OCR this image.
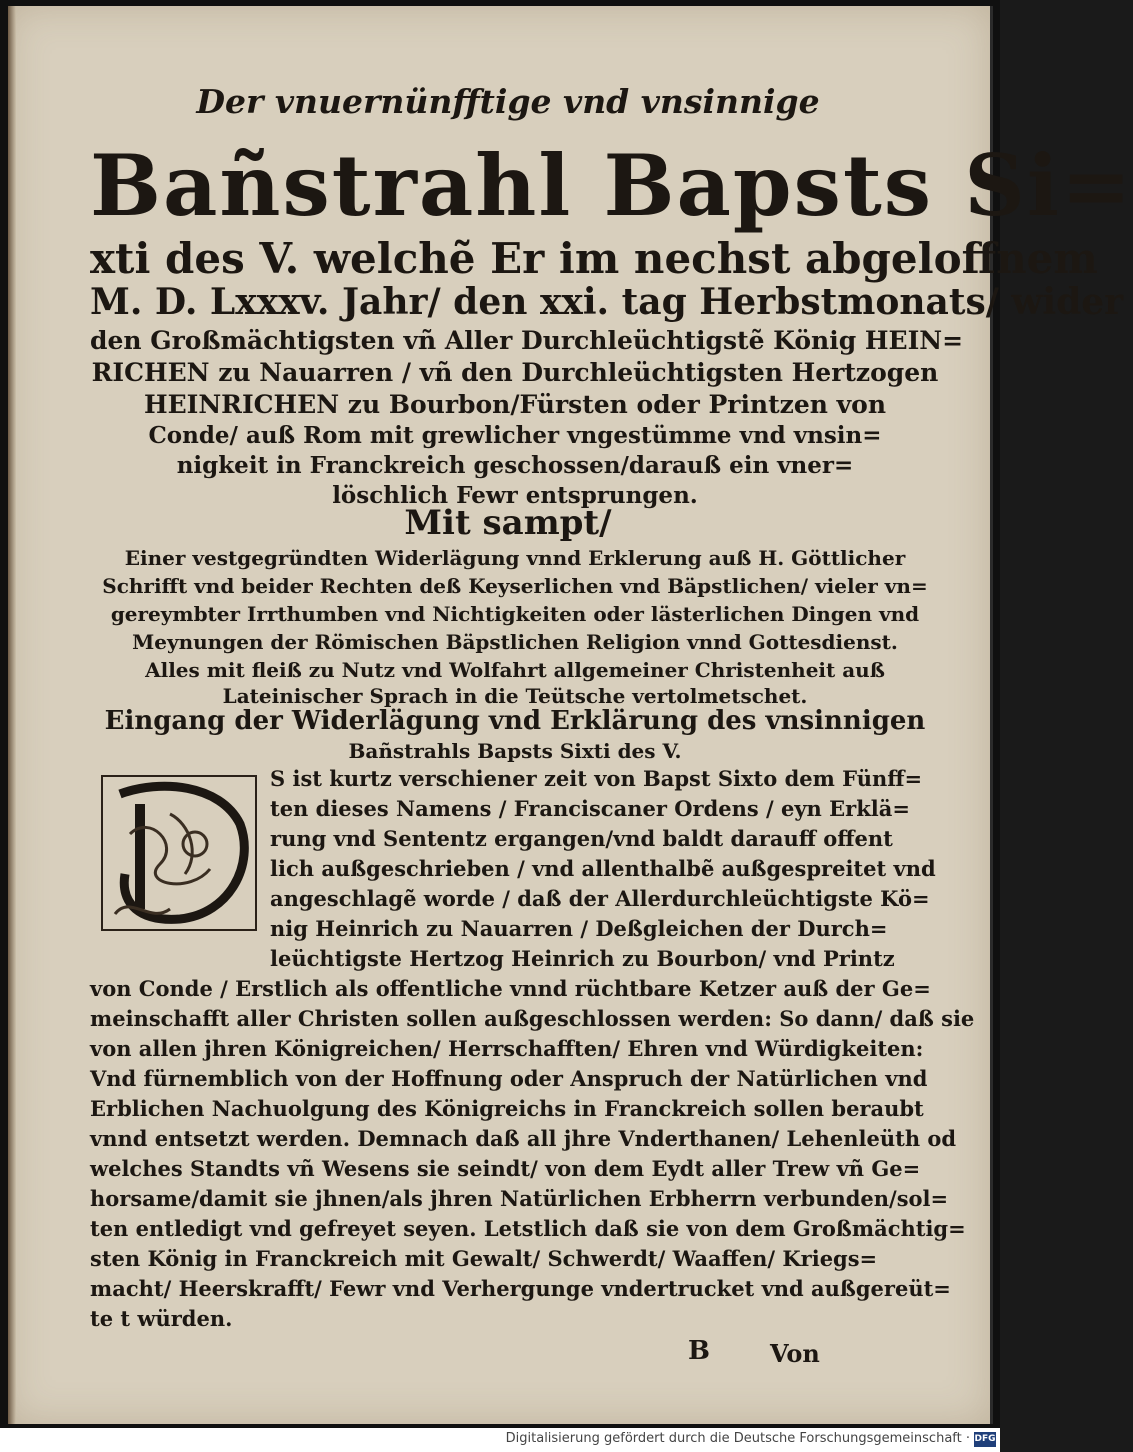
Der vnuernünfftige vnd vnsinnige
Bañstrahl Bapsts Si=
xti des V. welchẽ Er im nechst abgeloffnem
M. D. Lxxxv. Jahr/ den xxi. tag Herbstmonats/ wider
den Großmächtigsten vñ Aller Durchleüchtigstẽ König HEIN=
RICHEN zu Nauarren / vñ den Durchleüchtigsten Hertzogen
HEINRICHEN zu Bourbon/Fürsten oder Printzen von
Conde/ auß Rom mit grewlicher vngestümme vnd vnsin=
nigkeit in Franckreich geschossen/darauß ein vner=
löschlich Fewr entsprungen.
Mit sampt/
Einer vestgegründten Widerlägung vnnd Erklerung auß H. Göttlicher
Schrifft vnd beider Rechten deß Keyserlichen vnd Bäpstlichen/ vieler vn=
gereymbter Irrthumben vnd Nichtigkeiten oder lästerlichen Dingen vnd
Meynungen der Römischen Bäpstlichen Religion vnnd Gottesdienst.
Alles mit fleiß zu Nutz vnd Wolfahrt allgemeiner Christenheit auß
Lateinischer Sprach in die Teütsche vertolmetschet.
Eingang der Widerlägung vnd Erklärung des vnsinnigen
Bañstrahls Bapsts Sixti des V.
S ist kurtz verschiener zeit von Bapst Sixto dem Fünff=
ten dieses Namens / Franciscaner Ordens / eyn Erklä=
rung vnd Sententz ergangen/vnd baldt darauff offent
lich außgeschrieben / vnd allenthalbẽ außgespreitet vnd
angeschlagẽ worde / daß der Allerdurchleüchtigste Kö=
nig Heinrich zu Nauarren / Deßgleichen der Durch=
leüchtigste Hertzog Heinrich zu Bourbon/ vnd Printz
von Conde / Erstlich als offentliche vnnd rüchtbare Ketzer auß der Ge=
meinschafft aller Christen sollen außgeschlossen werden: So dann/ daß sie
von allen jhren Königreichen/ Herrschafften/ Ehren vnd Würdigkeiten:
Vnd fürnemblich von der Hoffnung oder Anspruch der Natürlichen vnd
Erblichen Nachuolgung des Königreichs in Franckreich sollen beraubt
vnnd entsetzt werden. Demnach daß all jhre Vnderthanen/ Lehenleüth od
welches Standts vñ Wesens sie seindt/ von dem Eydt aller Trew vñ Ge=
horsame/damit sie jhnen/als jhren Natürlichen Erbherrn verbunden/sol=
ten entledigt vnd gefreyet seyen. Letstlich daß sie von dem Großmächtig=
sten König in Franckreich mit Gewalt/ Schwerdt/ Waaffen/ Kriegs=
macht/ Heerskrafft/ Fewr vnd Verhergunge vndertrucket vnd außgereüt=
te t würden.
B	Von
Digitalisierung gefördert durch die Deutsche Forschungsgemeinschaft · DFG
